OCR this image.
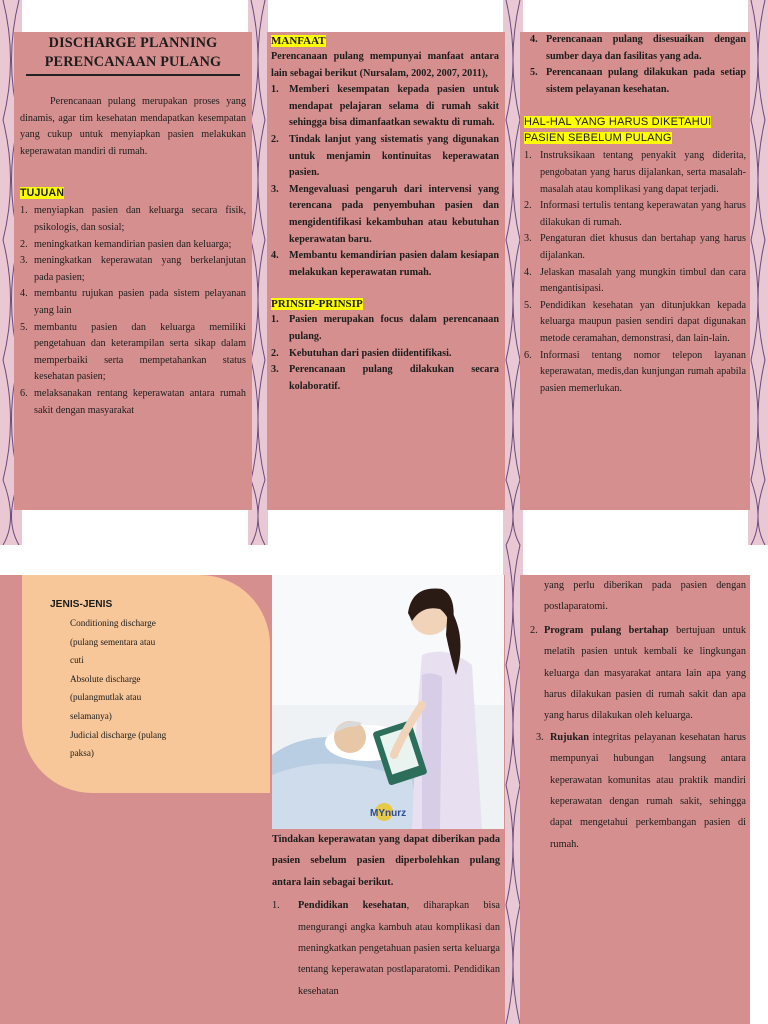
DISCHARGE PLANNING
PERENCANAAN PULANG

Perencanaan pulang merupakan proses yang dinamis, agar tim kesehatan mendapatkan kesempatan yang cukup untuk menyiapkan pasien melakukan keperawatan mandiri di rumah.

TUJUAN
1. menyiapkan pasien dan keluarga secara fisik, psikologis, dan sosial;
2. meningkatkan kemandirian pasien dan keluarga;
3. meningkatkan keperawatan yang berkelanjutan pada pasien;
4. membantu rujukan pasien pada sistem pelayanan yang lain
5. membantu pasien dan keluarga memiliki pengetahuan dan keterampilan serta sikap dalam memperbaiki serta mempetahankan status kesehatan pasien;
6. melaksanakan rentang keperawatan antara rumah sakit dengan masyarakat
MANFAAT

Perencanaan pulang mempunyai manfaat antara lain sebagai berikut (Nursalam, 2002, 2007, 2011),

1. Memberi kesempatan kepada pasien untuk mendapat pelajaran selama di rumah sakit sehingga bisa dimanfaatkan sewaktu di rumah.
2. Tindak lanjut yang sistematis yang digunakan untuk menjamin kontinuitas keperawatan pasien.
3. Mengevaluasi pengaruh dari intervensi yang terencana pada penyembuhan pasien dan mengidentifikasi kekambuhan atau kebutuhan keperawatan baru.
4. Membantu kemandirian pasien dalam kesiapan melakukan keperawatan rumah.
PRINSIP-PRINSIP
1. Pasien merupakan focus dalam perencanaan pulang.
2. Kebutuhan dari pasien diidentifikasi.
3. Perencanaan pulang dilakukan secara kolaboratif.
4. Perencanaan pulang disesuaikan dengan sumber daya dan fasilitas yang ada.
5. Perencanaan pulang dilakukan pada setiap sistem pelayanan kesehatan.
HAL-HAL YANG HARUS DIKETAHUI
PASIEN SEBELUM PULANG
1. Instruksikaan tentang penyakit yang diderita, pengobatan yang harus dijalankan, serta masalah-masalah atau komplikasi yang dapat terjadi.
2. Informasi tertulis tentang keperawatan yang harus dilakukan di rumah.
3. Pengaturan diet khusus dan bertahap yang harus dijalankan.
4. Jelaskan masalah yang mungkin timbul dan cara mengantisipasi.
5. Pendidikan kesehatan yan ditunjukkan kepada keluarga maupun pasien sendiri dapat digunakan metode ceramahan, demonstrasi, dan lain-lain.
6. Informasi tentang nomor telepon layanan keperawatan, medis,dan kunjungan rumah apabila pasien memerlukan.
JENIS-JENIS
Conditioning discharge
(pulang sementara atau
cuti
Absolute discharge
(pulangmutlak atau
selamanya)
Judicial discharge (pulang
paksa)
MYnurz

Tindakan keperawatan yang dapat diberikan pada pasien sebelum pasien diperbolehkan pulang antara lain sebagai berikut.

1. Pendidikan kesehatan, diharapkan bisa mengurangi angka kambuh atau komplikasi dan meningkatkan pengetahuan pasien serta keluarga tentang keperawatan postlaparatomi. Pendidikan kesehatan

yang perlu diberikan pada pasien dengan postlaparatomi.

2. Program pulang bertahap bertujuan untuk melatih pasien untuk kembali ke lingkungan keluarga dan masyarakat antara lain apa yang harus dilakukan pasien di rumah sakit dan apa yang harus dilakukan oleh keluarga.
3. Rujukan integritas pelayanan kesehatan harus mempunyai hubungan langsung antara keperawatan komunitas atau praktik mandiri keperawatan dengan rumah sakit, sehingga dapat mengetahui perkembangan pasien di rumah.
